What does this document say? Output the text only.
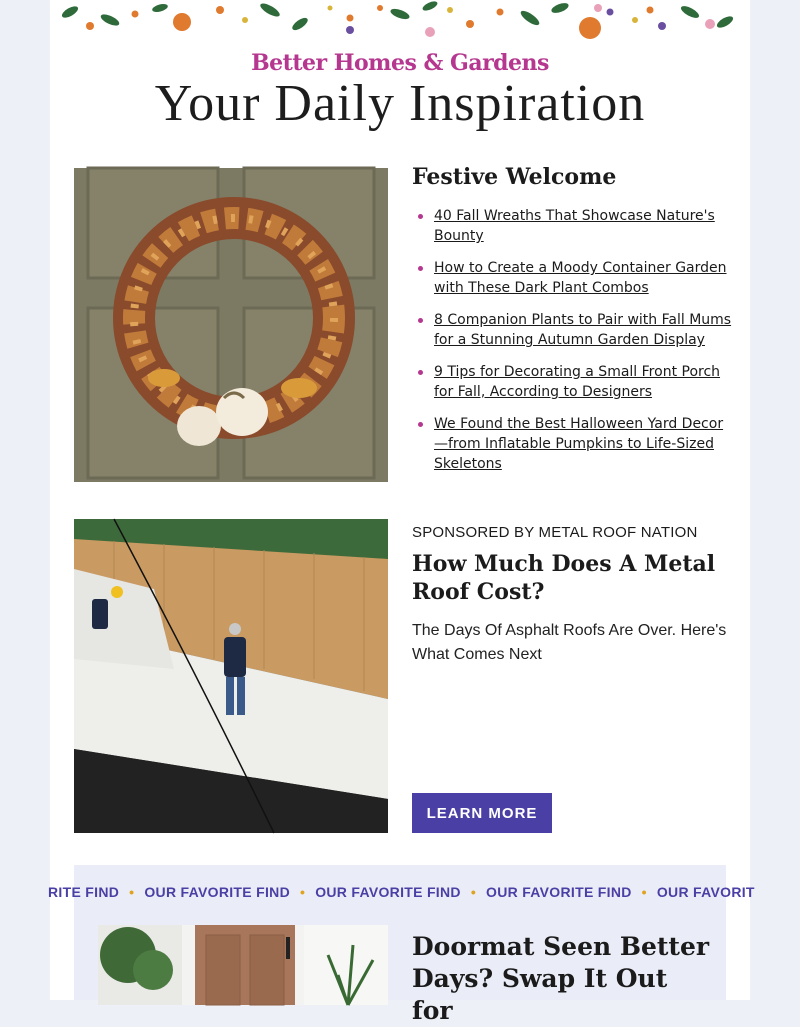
Better Homes & Gardens
Your Daily Inspiration
Festive Welcome
40 Fall Wreaths That Showcase Nature's Bounty
How to Create a Moody Container Garden with These Dark Plant Combos
8 Companion Plants to Pair with Fall Mums for a Stunning Autumn Garden Display
9 Tips for Decorating a Small Front Porch for Fall, According to Designers
We Found the Best Halloween Yard Decor—from Inflatable Pumpkins to Life-Sized Skeletons
SPONSORED BY METAL ROOF NATION
How Much Does A Metal Roof Cost?
The Days Of Asphalt Roofs Are Over. Here's What Comes Next
LEARN MORE
RITE FIND • OUR FAVORITE FIND • OUR FAVORITE FIND • OUR FAVORITE FIND • OUR FAVORIT
Doormat Seen Better Days? Swap It Out for
